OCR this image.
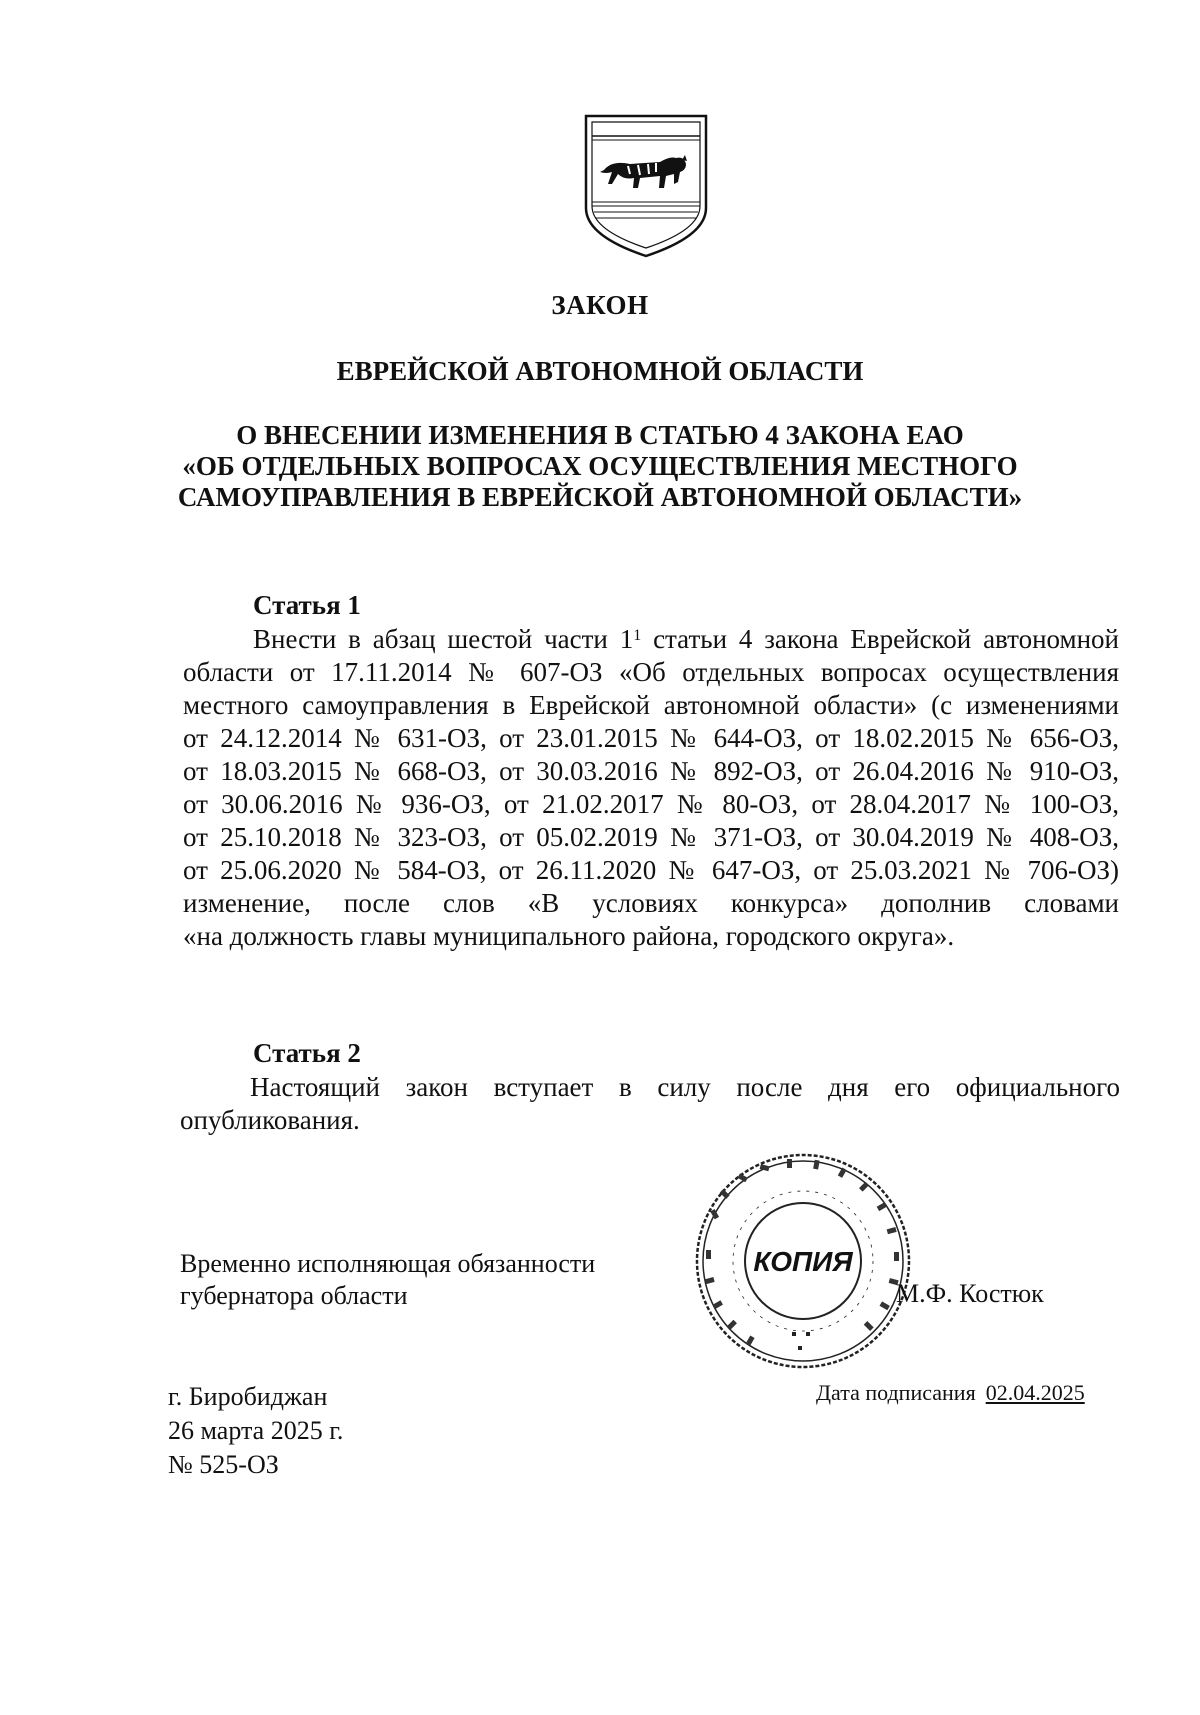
ЗАКОН
ЕВРЕЙСКОЙ АВТОНОМНОЙ ОБЛАСТИ
О ВНЕСЕНИИ ИЗМЕНЕНИЯ В СТАТЬЮ 4 ЗАКОНА ЕАО
«ОБ ОТДЕЛЬНЫХ ВОПРОСАХ ОСУЩЕСТВЛЕНИЯ МЕСТНОГО
САМОУПРАВЛЕНИЯ В ЕВРЕЙСКОЙ АВТОНОМНОЙ ОБЛАСТИ»
Статья 1
Внести в абзац шестой части $1^1$ статьи 4 закона Еврейской автономной
области от 17.11.2014 № 607-ОЗ «Об отдельных вопросах осуществления
местного самоуправления в Еврейской автономной области» (с изменениями
от 24.12.2014 № 631-ОЗ, от 23.01.2015 № 644-ОЗ, от 18.02.2015 № 656-ОЗ,
от 18.03.2015 № 668-ОЗ, от 30.03.2016 № 892-ОЗ, от 26.04.2016 № 910-ОЗ,
от 30.06.2016 № 936-ОЗ, от 21.02.2017 № 80-ОЗ, от 28.04.2017 № 100-ОЗ,
от 25.10.2018 № 323-ОЗ, от 05.02.2019 № 371-ОЗ, от 30.04.2019 № 408-ОЗ,
от 25.06.2020 № 584-ОЗ, от 26.11.2020 № 647-ОЗ, от 25.03.2021 № 706-ОЗ)
изменение, после слов «В условиях конкурса» дополнив словами
«на должность главы муниципального района, городского округа».
Статья 2
Настоящий закон вступает в силу после дня его официального
опубликования.
Временно исполняющая обязанности
губернатора области
КОПИЯ
М.Ф. Костюк
Дата подписания 02.04.2025
г. Биробиджан
26 марта 2025 г.
№ 525-ОЗ
